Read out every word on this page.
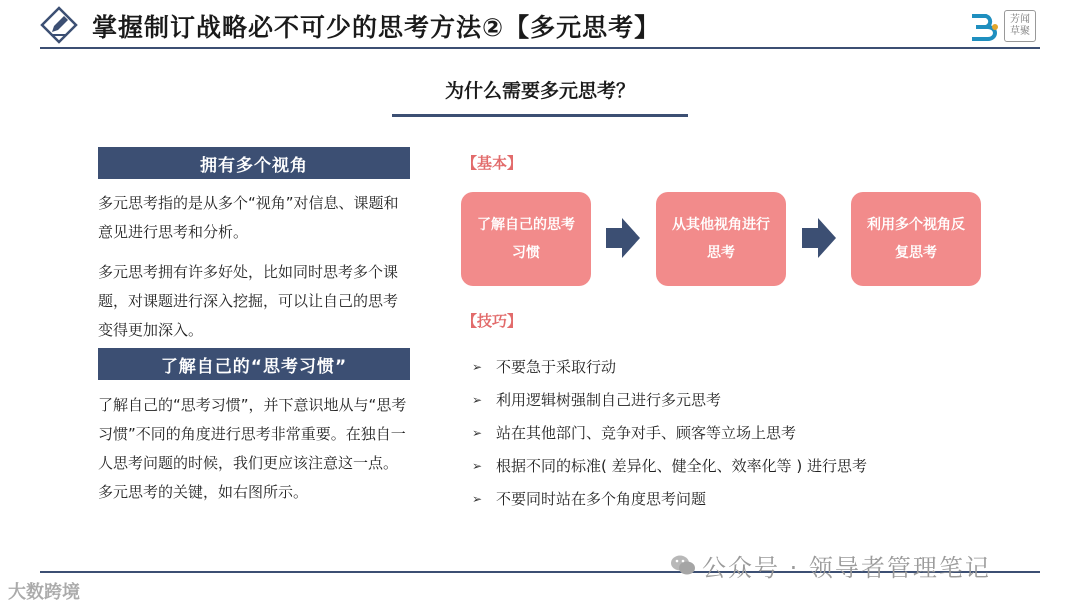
掌握制订战略必不可少的思考方法②【多元思考】	芳闻 草聚
为什么需要多元思考？
拥有多个视角
多元思考指的是从多个“视角”对信息、课题和意见进行思考和分析。
多元思考拥有许多好处，比如同时思考多个课题，对课题进行深入挖掘，可以让自己的思考变得更加深入。
了解自己的“思考习惯”
了解自己的“思考习惯”，并下意识地从与“思考习惯”不同的角度进行思考非常重要。在独自一人思考问题的时候，我们更应该注意这一点。多元思考的关键，如右图所示。
【基本】
了解自己的思考习惯
从其他视角进行思考
利用多个视角反复思考
【技巧】
➢ 不要急于采取行动
➢ 利用逻辑树强制自己进行多元思考
➢ 站在其他部门、竞争对手、顾客等立场上思考
➢ 根据不同的标准( 差异化、健全化、效率化等 ) 进行思考
➢ 不要同时站在多个角度思考问题
公众号 · 领导者管理笔记
大数跨境
